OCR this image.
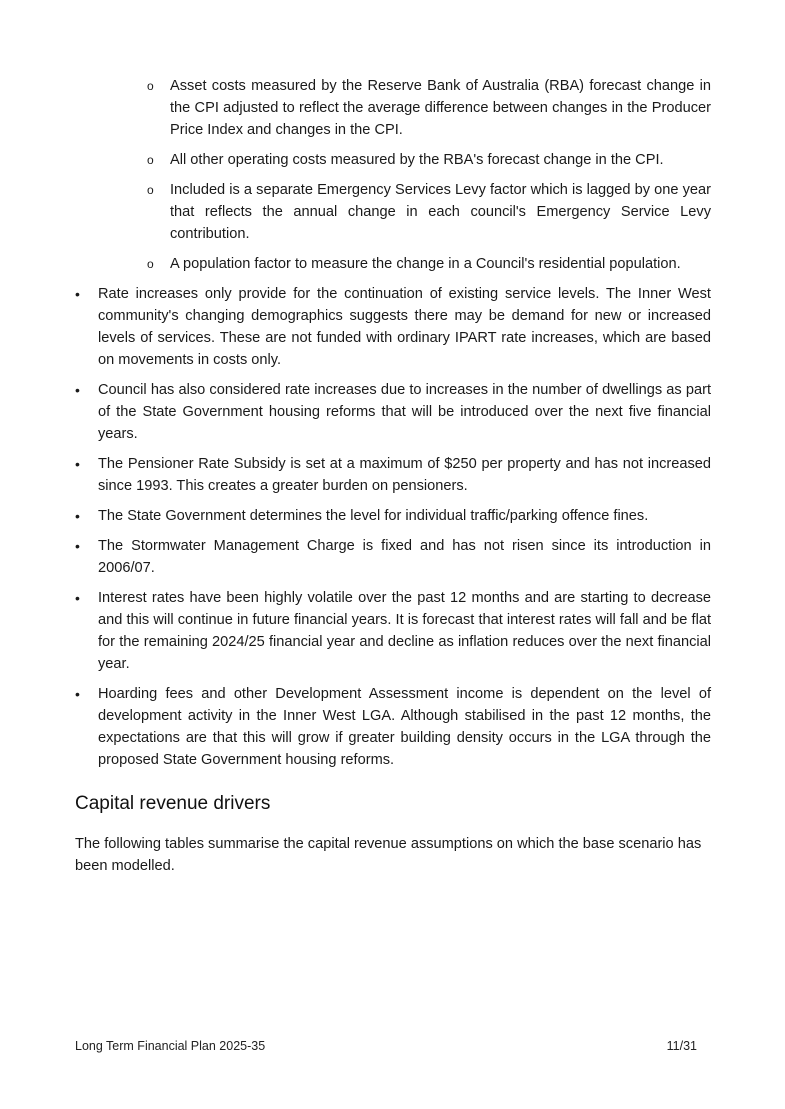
o Asset costs measured by the Reserve Bank of Australia (RBA) forecast change in the CPI adjusted to reflect the average difference between changes in the Producer Price Index and changes in the CPI.
o All other operating costs measured by the RBA's forecast change in the CPI.
o Included is a separate Emergency Services Levy factor which is lagged by one year that reflects the annual change in each council's Emergency Service Levy contribution.
o A population factor to measure the change in a Council's residential population.
• Rate increases only provide for the continuation of existing service levels. The Inner West community's changing demographics suggests there may be demand for new or increased levels of services. These are not funded with ordinary IPART rate increases, which are based on movements in costs only.
• Council has also considered rate increases due to increases in the number of dwellings as part of the State Government housing reforms that will be introduced over the next five financial years.
• The Pensioner Rate Subsidy is set at a maximum of $250 per property and has not increased since 1993. This creates a greater burden on pensioners.
• The State Government determines the level for individual traffic/parking offence fines.
• The Stormwater Management Charge is fixed and has not risen since its introduction in 2006/07.
• Interest rates have been highly volatile over the past 12 months and are starting to decrease and this will continue in future financial years. It is forecast that interest rates will fall and be flat for the remaining 2024/25 financial year and decline as inflation reduces over the next financial year.
• Hoarding fees and other Development Assessment income is dependent on the level of development activity in the Inner West LGA. Although stabilised in the past 12 months, the expectations are that this will grow if greater building density occurs in the LGA through the proposed State Government housing reforms.
Capital revenue drivers

The following tables summarise the capital revenue assumptions on which the base scenario has been modelled.

Long Term Financial Plan 2025-35	11/31
